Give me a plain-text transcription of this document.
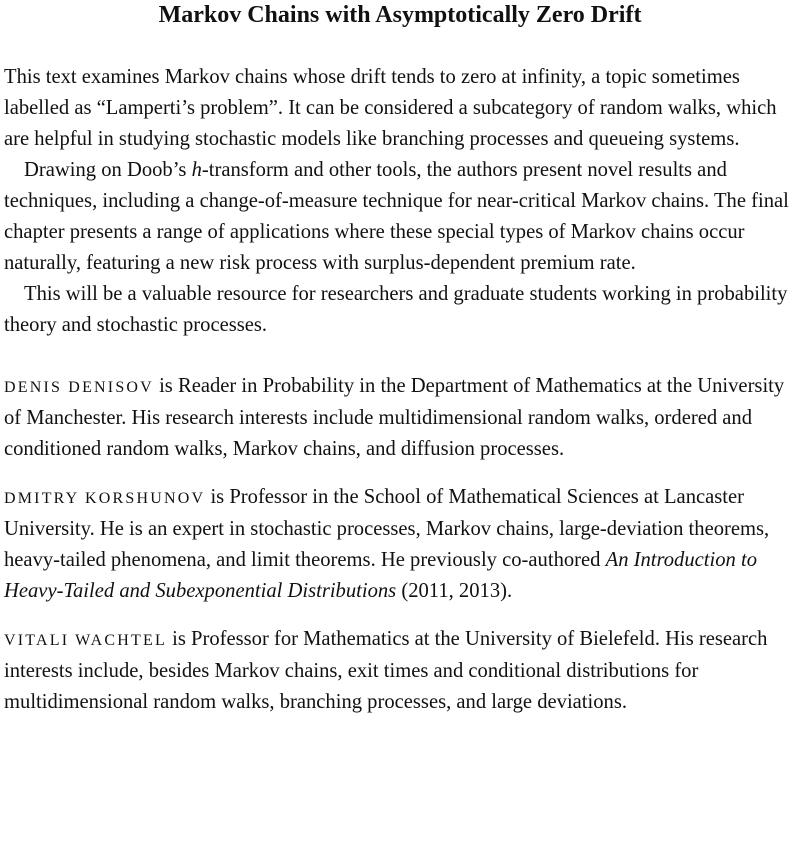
Markov Chains with Asymptotically Zero Drift

This text examines Markov chains whose drift tends to zero at infinity, a topic sometimes labelled as “Lamperti’s problem”. It can be considered a subcategory of random walks, which are helpful in studying stochastic models like branching processes and queueing systems.

Drawing on Doob’s h-transform and other tools, the authors present novel results and techniques, including a change-of-measure technique for near-critical Markov chains. The final chapter presents a range of applications where these special types of Markov chains occur naturally, featuring a new risk process with surplus-dependent premium rate.

This will be a valuable resource for researchers and graduate students working in probability theory and stochastic processes.

DENIS DENISOV is Reader in Probability in the Department of Mathematics at the University of Manchester. His research interests include multidimensional random walks, ordered and conditioned random walks, Markov chains, and diffusion processes.

DMITRY KORSHUNOV is Professor in the School of Mathematical Sciences at Lancaster University. He is an expert in stochastic processes, Markov chains, large-deviation theorems, heavy-tailed phenomena, and limit theorems. He previously co-authored An Introduction to Heavy-Tailed and Subexponential Distributions (2011, 2013).

VITALI WACHTEL is Professor for Mathematics at the University of Bielefeld. His research interests include, besides Markov chains, exit times and conditional distributions for multidimensional random walks, branching processes, and large deviations.
